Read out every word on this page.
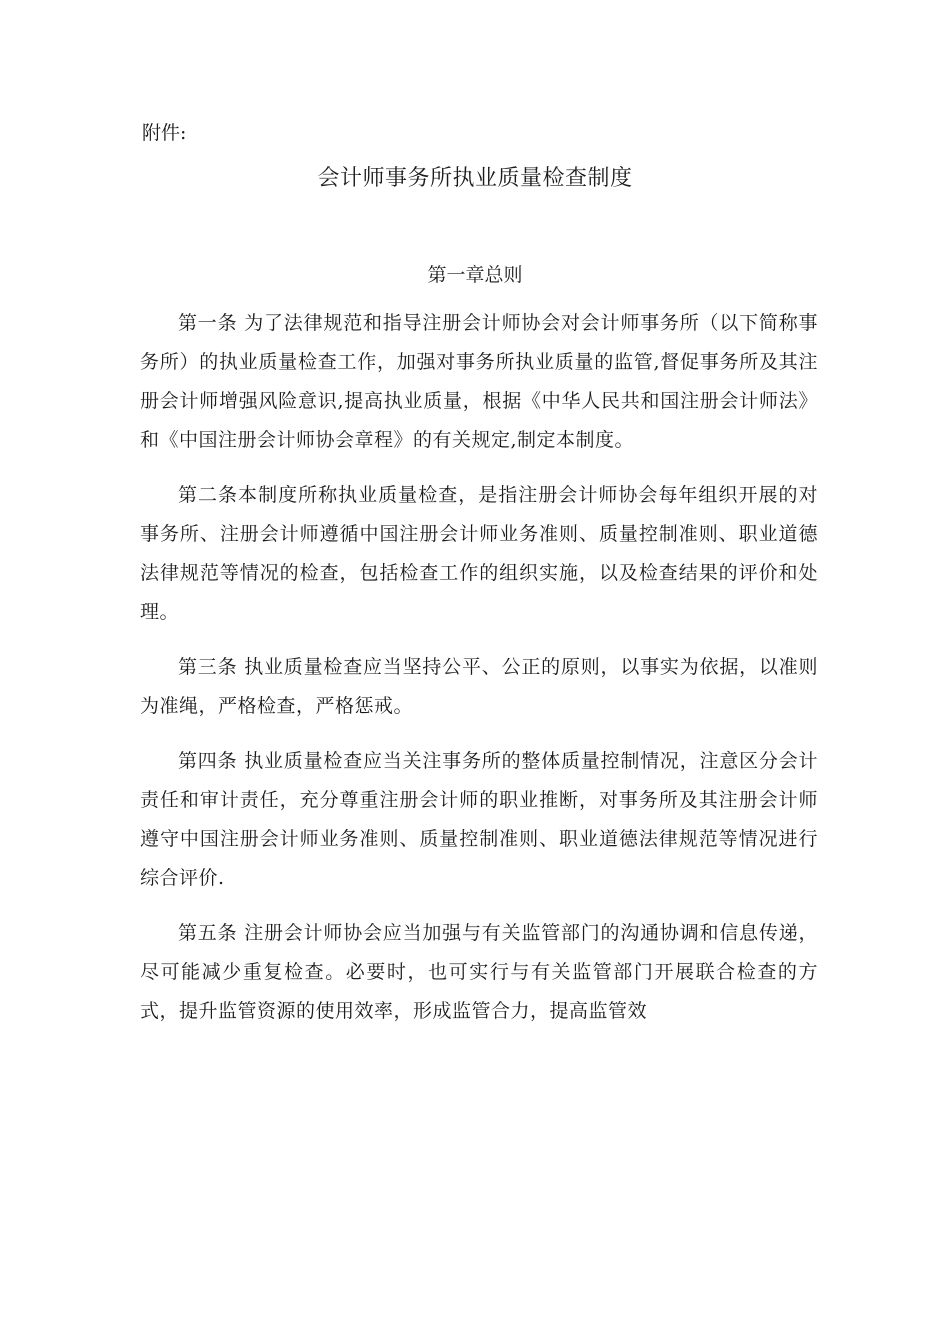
附件:

会计师事务所执业质量检查制度
第一章总则

第一条 为了法律规范和指导注册会计师协会对会计师事务所（以下简称事务所）的执业质量检查工作，加强对事务所执业质量的监管,督促事务所及其注册会计师增强风险意识,提高执业质量，根据《中华人民共和国注册会计师法》和《中国注册会计师协会章程》的有关规定,制定本制度。

第二条本制度所称执业质量检查，是指注册会计师协会每年组织开展的对事务所、注册会计师遵循中国注册会计师业务准则、质量控制准则、职业道德法律规范等情况的检查，包括检查工作的组织实施，以及检查结果的评价和处理。

第三条 执业质量检查应当坚持公平、公正的原则，以事实为依据，以准则为准绳，严格检查，严格惩戒。

第四条 执业质量检查应当关注事务所的整体质量控制情况，注意区分会计责任和审计责任，充分尊重注册会计师的职业推断，对事务所及其注册会计师遵守中国注册会计师业务准则、质量控制准则、职业道德法律规范等情况进行综合评价.

第五条 注册会计师协会应当加强与有关监管部门的沟通协调和信息传递，尽可能减少重复检查。必要时，也可实行与有关监管部门开展联合检查的方式，提升监管资源的使用效率，形成监管合力，提高监管效
